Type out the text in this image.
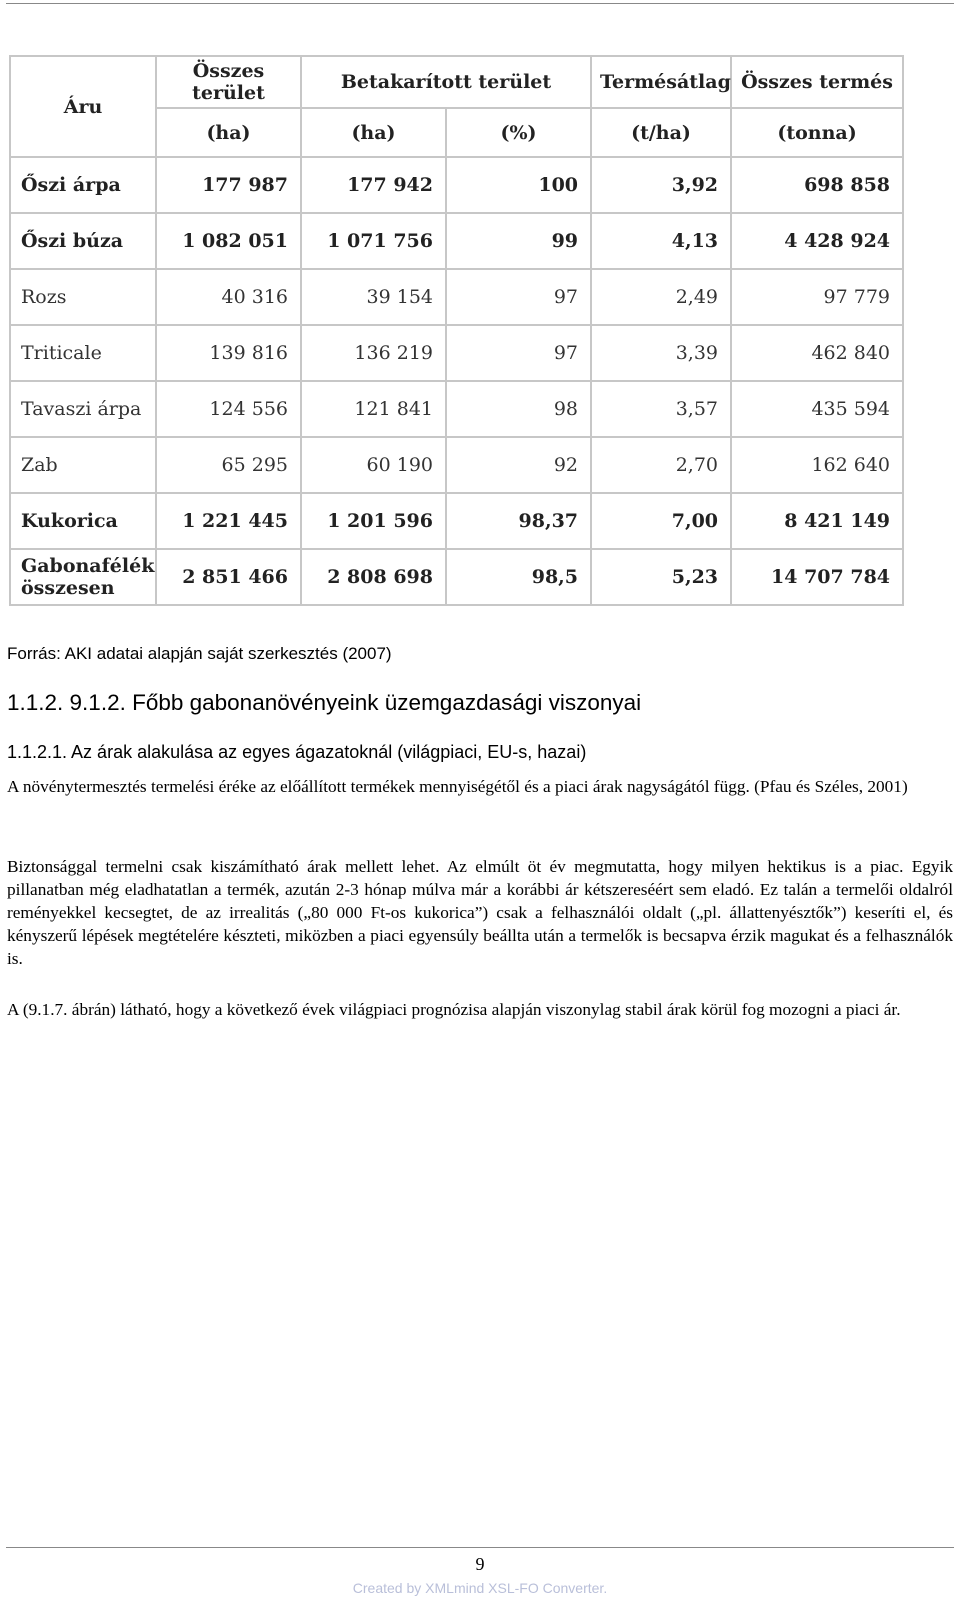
Áru	Összes terület	Betakarított terület		Termésátlag	Összes termés
	(ha)	(ha)	(%)	(t/ha)	(tonna)
Őszi árpa	177 987	177 942	100	3,92	698 858
Őszi búza	1 082 051	1 071 756	99	4,13	4 428 924
Rozs	40 316	39 154	97	2,49	97 779
Triticale	139 816	136 219	97	3,39	462 840
Tavaszi árpa	124 556	121 841	98	3,57	435 594
Zab	65 295	60 190	92	2,70	162 640
Kukorica	1 221 445	1 201 596	98,37	7,00	8 421 149
Gabonafélék összesen	2 851 466	2 808 698	98,5	5,23	14 707 784
Forrás: AKI adatai alapján saját szerkesztés (2007)
1.1.2. 9.1.2. Főbb gabonanövényeink üzemgazdasági viszonyai
1.1.2.1. Az árak alakulása az egyes ágazatoknál (világpiaci, EU-s, hazai)

A növénytermesztés termelési éréke az előállított termékek mennyiségétől és a piaci árak nagyságától függ. (Pfau és Széles, 2001)

Biztonsággal termelni csak kiszámítható árak mellett lehet. Az elmúlt öt év megmutatta, hogy milyen hektikus is a piac. Egyik pillanatban még eladhatatlan a termék, azután 2-3 hónap múlva már a korábbi ár kétszereséért sem eladó. Ez talán a termelői oldalról reményekkel kecsegtet, de az irrealitás („80 000 Ft-os kukorica”) csak a felhasználói oldalt („pl. állattenyésztők”) keseríti el, és kényszerű lépések megtételére készteti, miközben a piaci egyensúly beállta után a termelők is becsapva érzik magukat és a felhasználók is.

A (9.1.7. ábrán) látható, hogy a következő évek világpiaci prognózisa alapján viszonylag stabil árak körül fog mozogni a piaci ár.

9
Created by XMLmind XSL-FO Converter.
